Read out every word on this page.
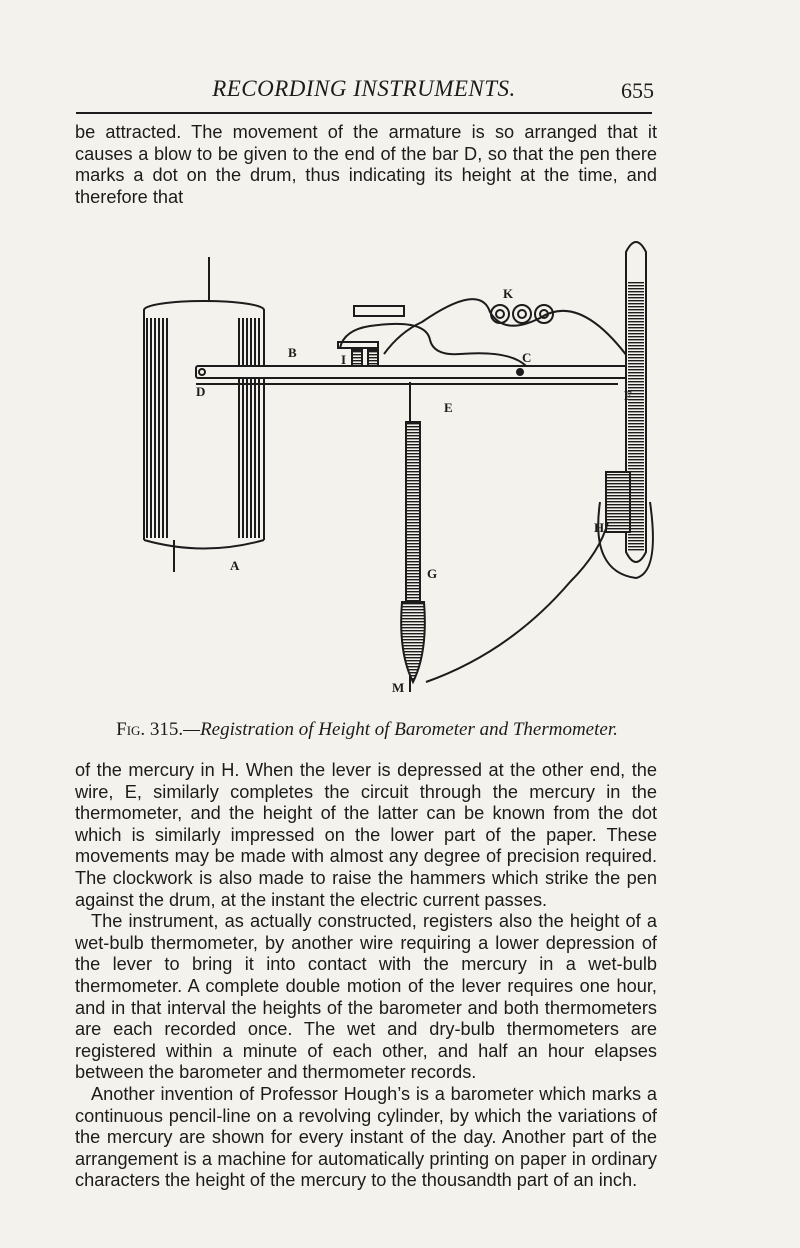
RECORDING INSTRUMENTS.	655

be attracted. The movement of the armature is so arranged that it causes a blow to be given to the end of the bar D, so that the pen there marks a dot on the drum, thus indicating its height at the time, and therefore that

K
I
B	C
D
E
F
H
G
A
M
Fig. 315.—Registration of Height of Barometer and Thermometer.

of the mercury in H. When the lever is depressed at the other end, the wire, E, similarly completes the circuit through the mercury in the thermometer, and the height of the latter can be known from the dot which is similarly impressed on the lower part of the paper. These movements may be made with almost any degree of precision required. The clockwork is also made to raise the hammers which strike the pen against the drum, at the instant the electric current passes.

The instrument, as actually constructed, registers also the height of a wet-bulb thermometer, by another wire requiring a lower depression of the lever to bring it into contact with the mercury in a wet-bulb thermometer. A complete double motion of the lever requires one hour, and in that interval the heights of the barometer and both thermometers are each recorded once. The wet and dry-bulb thermometers are registered within a minute of each other, and half an hour elapses between the barometer and thermometer records.

Another invention of Professor Hough’s is a barometer which marks a continuous pencil-line on a revolving cylinder, by which the variations of the mercury are shown for every instant of the day. Another part of the arrangement is a machine for automatically printing on paper in ordinary characters the height of the mercury to the thousandth part of an inch.
